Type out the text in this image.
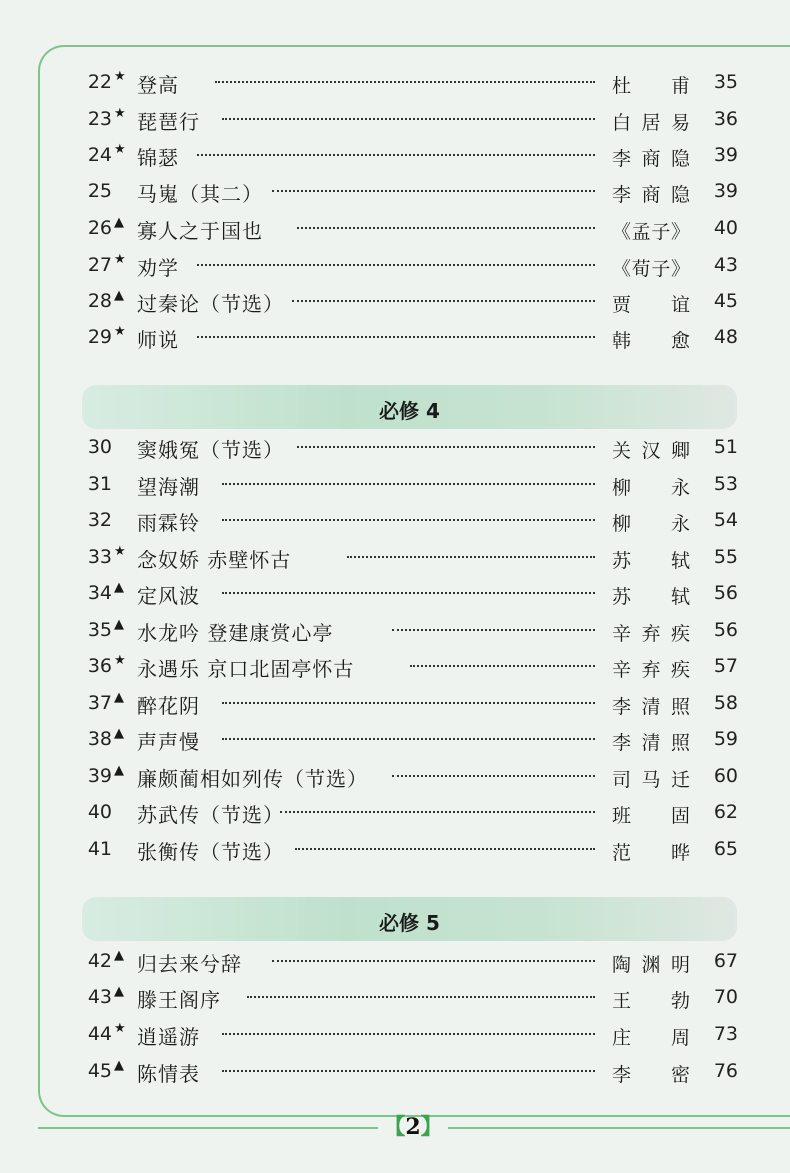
22 ★ 登高	杜 甫	35
23 ★ 琵琶行	白居易	36
24 ★ 锦瑟	李商隐	39
25 马嵬（其二）	李商隐	39
26 ▲ 寡人之于国也	《孟子》	40
27 ★ 劝学	《荀子》	43
28 ▲ 过秦论（节选）	贾 谊	45
29 ★ 师说	韩 愈	48
必修 4
30 窦娥冤（节选）	关汉卿	51
31 望海潮	柳 永	53
32 雨霖铃	柳 永	54
33 ★ 念奴娇 赤壁怀古	苏 轼	55
34 ▲ 定风波	苏 轼	56
35 ▲ 水龙吟 登建康赏心亭	辛弃疾	56
36 ★ 永遇乐 京口北固亭怀古	辛弃疾	57
37 ▲ 醉花阴	李清照	58
38 ▲ 声声慢	李清照	59
39 ▲ 廉颇蔺相如列传（节选）	司马迁	60
40 苏武传（节选）	班 固	62
41 张衡传（节选）	范 晔	65
必修 5
42 ▲ 归去来兮辞	陶渊明	67
43 ▲ 滕王阁序	王 勃	70
44 ★ 逍遥游	庄 周	73
45 ▲ 陈情表	李 密	76
【2】
